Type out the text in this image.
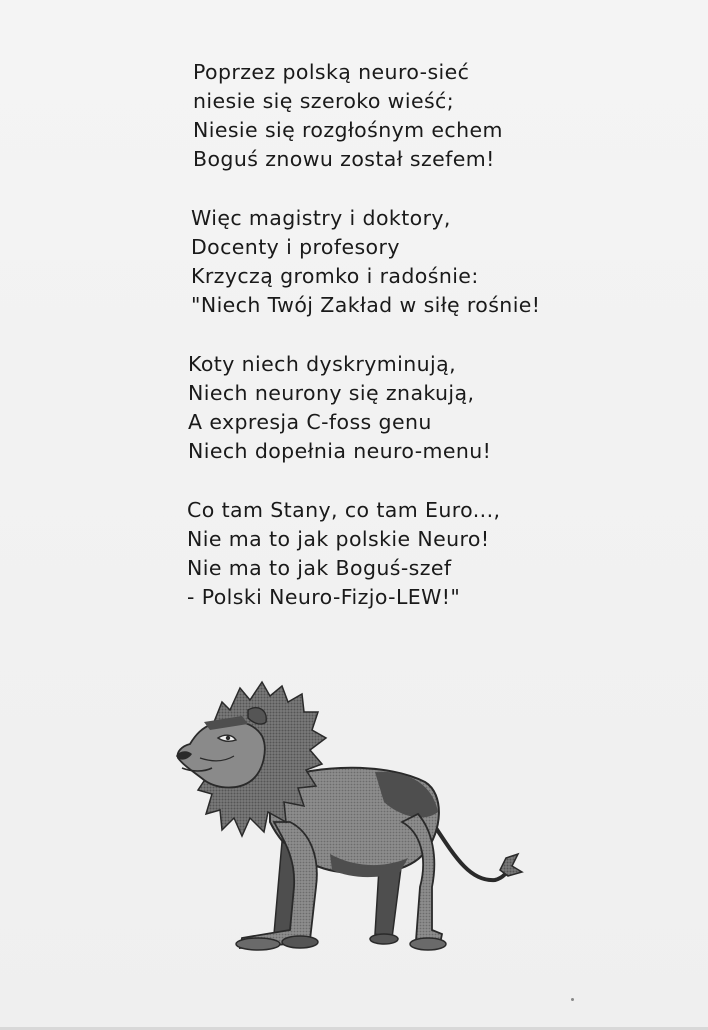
Poprzez polską neuro-sieć
niesie się szeroko wieść;
Niesie się rozgłośnym echem
Boguś znowu został szefem!
Więc magistry i doktory,
Docenty i profesory
Krzyczą gromko i radośnie:
"Niech Twój Zakład w siłę rośnie!
Koty niech dyskryminują,
Niech neurony się znakują,
A expresja C-foss genu
Niech dopełnia neuro-menu!
Co tam Stany, co tam Euro...,
Nie ma to jak polskie Neuro!
Nie ma to jak Boguś-szef
- Polski Neuro-Fizjo-LEW!"
